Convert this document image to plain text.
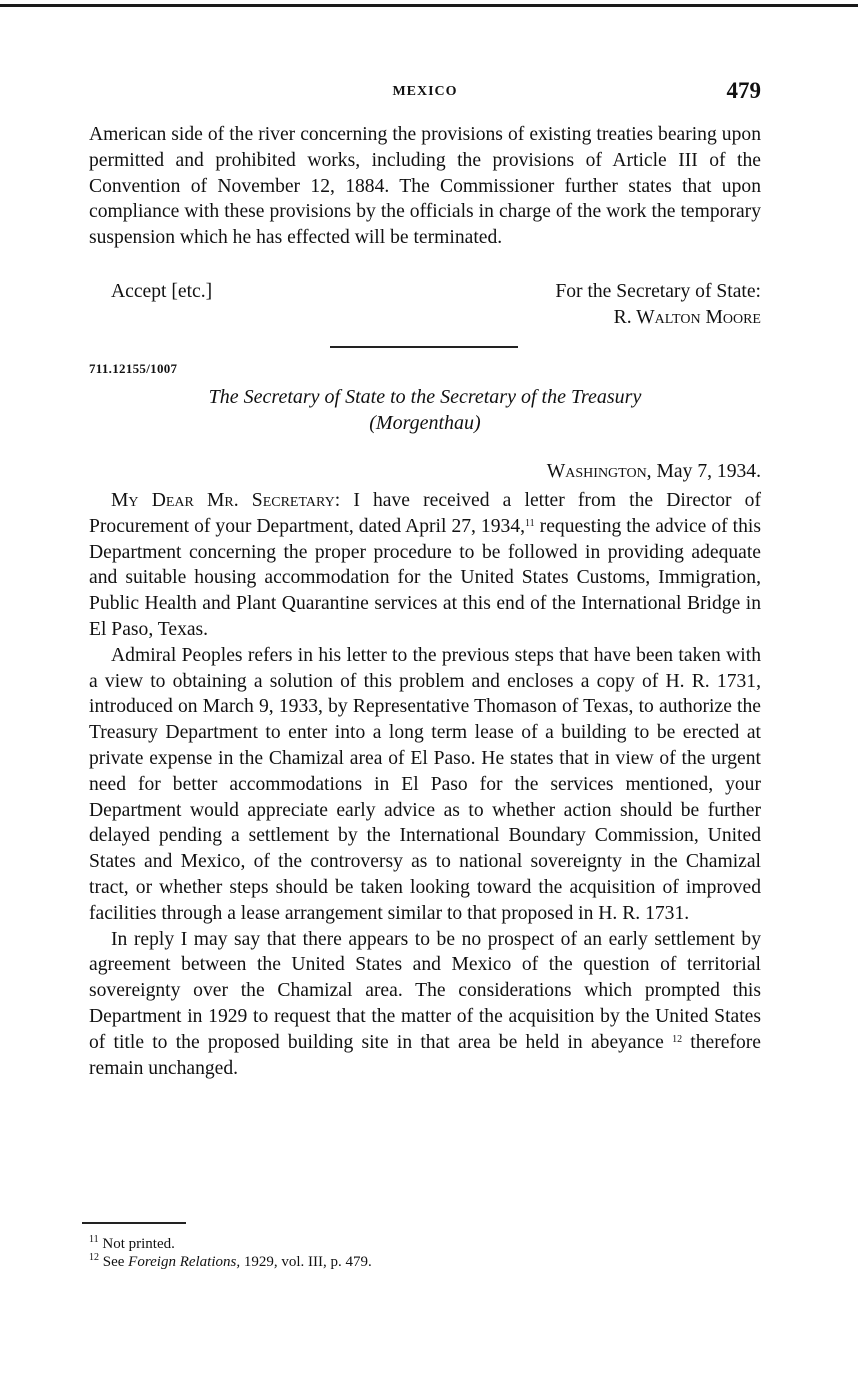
MEXICO	479

American side of the river concerning the provisions of existing treaties bearing upon permitted and prohibited works, including the provisions of Article III of the Convention of November 12, 1884. The Commissioner further states that upon compliance with these provisions by the officials in charge of the work the temporary suspension which he has effected will be terminated.

Accept [etc.]	For the Secretary of State:
R. Walton Moore
711.12155/1007
The Secretary of State to the Secretary of the Treasury
(Morgenthau)
Washington, May 7, 1934.

My Dear Mr. Secretary: I have received a letter from the Director of Procurement of your Department, dated April 27, 1934,11 requesting the advice of this Department concerning the proper procedure to be followed in providing adequate and suitable housing accommodation for the United States Customs, Immigration, Public Health and Plant Quarantine services at this end of the International Bridge in El Paso, Texas.

Admiral Peoples refers in his letter to the previous steps that have been taken with a view to obtaining a solution of this problem and encloses a copy of H. R. 1731, introduced on March 9, 1933, by Representative Thomason of Texas, to authorize the Treasury Department to enter into a long term lease of a building to be erected at private expense in the Chamizal area of El Paso. He states that in view of the urgent need for better accommodations in El Paso for the services mentioned, your Department would appreciate early advice as to whether action should be further delayed pending a settlement by the International Boundary Commission, United States and Mexico, of the controversy as to national sovereignty in the Chamizal tract, or whether steps should be taken looking toward the acquisition of improved facilities through a lease arrangement similar to that proposed in H. R. 1731.

In reply I may say that there appears to be no prospect of an early settlement by agreement between the United States and Mexico of the question of territorial sovereignty over the Chamizal area. The considerations which prompted this Department in 1929 to request that the matter of the acquisition by the United States of title to the proposed building site in that area be held in abeyance $^{12}$ therefore remain unchanged.

$^{11}$ Not printed.
$^{12}$ See Foreign Relations, 1929, vol. III, p. 479.
